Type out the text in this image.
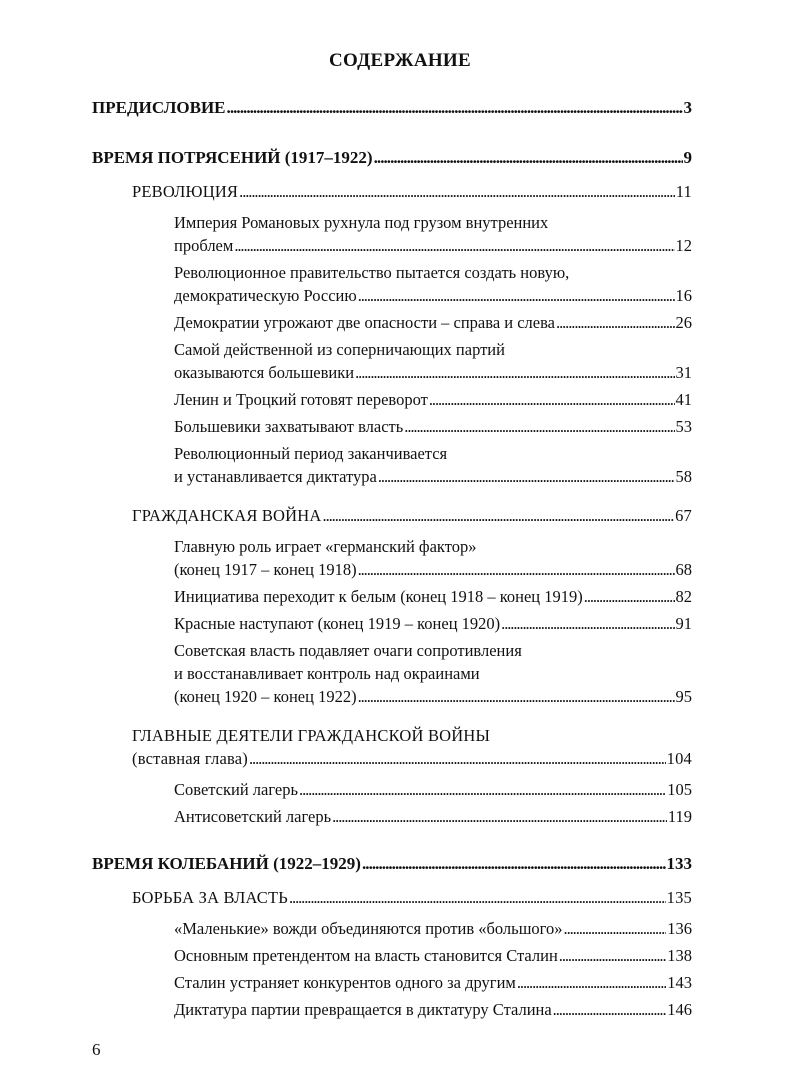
СОДЕРЖАНИЕ
ПРЕДИСЛОВИЕ . . .	3
ВРЕМЯ ПОТРЯСЕНИЙ (1917–1922) . . .	9
РЕВОЛЮЦИЯ . . .	11
Империя Романовых рухнула под грузом внутренних
проблем . . .	12
Революционное правительство пытается создать новую,
демократическую Россию . . .	16
Демократии угрожают две опасности – справа и слева . . .	26
Самой действенной из соперничающих партий
оказываются большевики . . .	31
Ленин и Троцкий готовят переворот . . .	41
Большевики захватывают власть . . .	53
Революционный период заканчивается
и устанавливается диктатура . . .	58
ГРАЖДАНСКАЯ ВОЙНА . . .	67
Главную роль играет «германский фактор»
(конец 1917 – конец 1918) . . .	68
Инициатива переходит к белым (конец 1918 – конец 1919) . . .	82
Красные наступают (конец 1919 – конец 1920) . . .	91
Советская власть подавляет очаги сопротивления
и восстанавливает контроль над окраинами
(конец 1920 – конец 1922) . . .	95
ГЛАВНЫЕ ДЕЯТЕЛИ ГРАЖДАНСКОЙ ВОЙНЫ
(вставная глава) . . .	104
Советский лагерь . . .	105
Антисоветский лагерь . . .	119
ВРЕМЯ КОЛЕБАНИЙ (1922–1929) . . .	133
БОРЬБА ЗА ВЛАСТЬ . . .	135
«Маленькие» вожди объединяются против «большого» . . .	136
Основным претендентом на власть становится Сталин . . .	138
Сталин устраняет конкурентов одного за другим . . .	143
Диктатура партии превращается в диктатуру Сталина . . .	146
6
